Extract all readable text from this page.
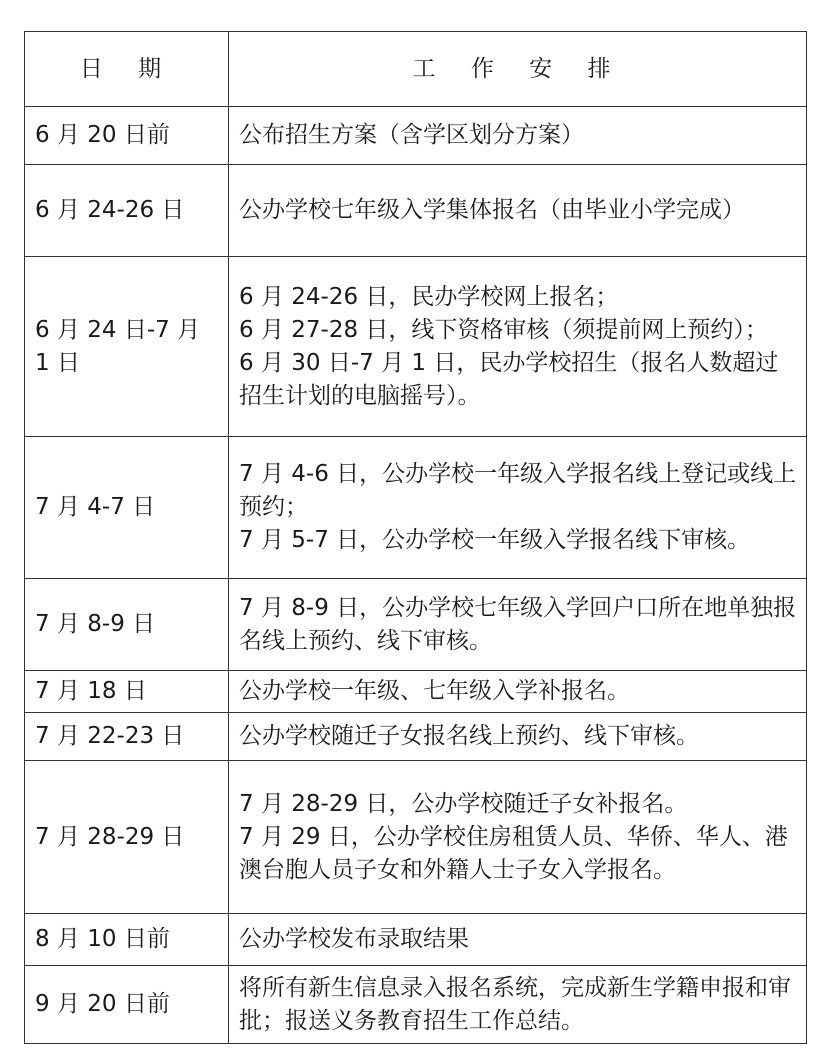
日 期	工 作 安 排
6 月 20 日前	公布招生方案（含学区划分方案）

6 月 24-26 日	公办学校七年级入学集体报名（由毕业小学完成）

6 月 24 日-7 月 1 日	6 月 24-26 日，民办学校网上报名；
6 月 27-28 日，线下资格审核（须提前网上预约）；
6 月 30 日-7 月 1 日，民办学校招生（报名人数超过招生计划的电脑摇号）。

7 月 4-7 日	7 月 4-6 日，公办学校一年级入学报名线上登记或线上预约；
7 月 5-7 日，公办学校一年级入学报名线下审核。

7 月 8-9 日	7 月 8-9 日，公办学校七年级入学回户口所在地单独报名线上预约、线下审核。

7 月 18 日	公办学校一年级、七年级入学补报名。

7 月 22-23 日	公办学校随迁子女报名线上预约、线下审核。

7 月 28-29 日	7 月 28-29 日，公办学校随迁子女补报名。
7 月 29 日，公办学校住房租赁人员、华侨、华人、港澳台胞人员子女和外籍人士子女入学报名。

8 月 10 日前	公办学校发布录取结果

9 月 20 日前	将所有新生信息录入报名系统，完成新生学籍申报和审批；报送义务教育招生工作总结。
